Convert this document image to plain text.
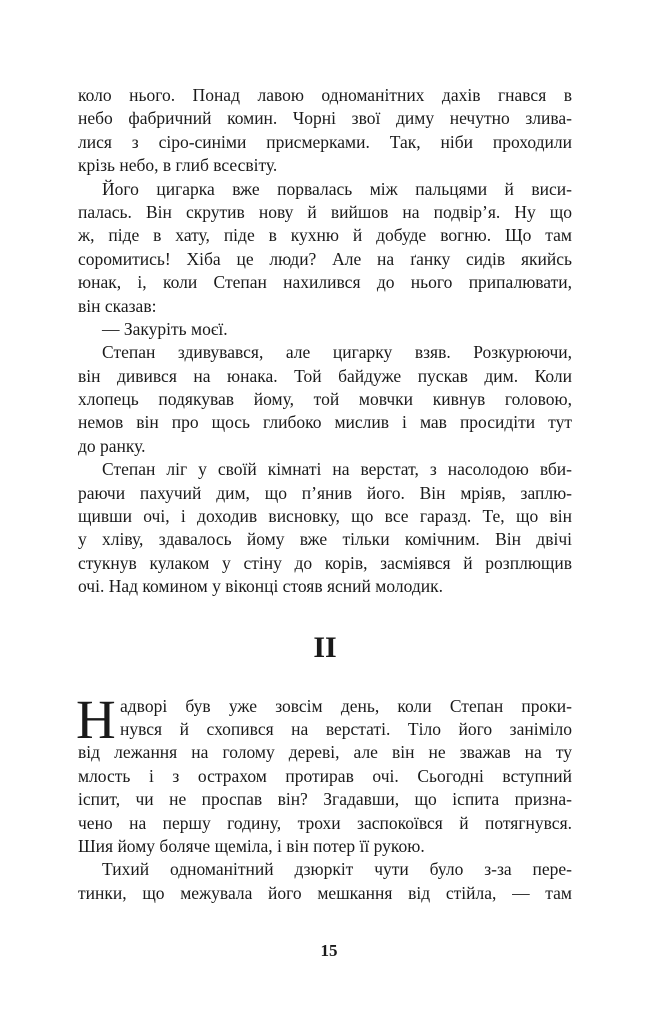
коло нього. Понад лавою одноманітних дахів гнався в
небо фабричний комин. Чорні звої диму нечутно злива-
лися з сіро-синіми присмерками. Так, ніби проходили
крізь небо, в глиб всесвіту.
Його цигарка вже порвалась між пальцями й виси-
палась. Він скрутив нову й вийшов на подвір’я. Ну що
ж, піде в хату, піде в кухню й добуде вогню. Що там
соромитись! Хіба це люди? Але на ґанку сидів якийсь
юнак, і, коли Степан нахилився до нього припалювати,
він сказав:
— Закуріть моєї.
Степан здивувався, але цигарку взяв. Розкурюючи,
він дивився на юнака. Той байдуже пускав дим. Коли
хлопець подякував йому, той мовчки кивнув головою,
немов він про щось глибоко мислив і мав просидіти тут
до ранку.
Степан ліг у своїй кімнаті на верстат, з насолодою вби-
раючи пахучий дим, що п’янив його. Він мріяв, заплю-
щивши очі, і доходив висновку, що все гаразд. Те, що він
у хліву, здавалось йому вже тільки комічним. Він двічі
стукнув кулаком у стіну до корів, засміявся й розплющив
очі. Над комином у віконці стояв ясний молодик.
II
Н адворі був уже зовсім день, коли Степан проки-
нувся й схопився на верстаті. Тіло його заніміло
від лежання на голому дереві, але він не зважав на ту
млость і з острахом протирав очі. Сьогодні вступний
іспит, чи не проспав він? Згадавши, що іспита призна-
чено на першу годину, трохи заспокоївся й потягнувся.
Шия йому боляче щеміла, і він потер її рукою.
Тихий одноманітний дзюркіт чути було з-за пере-
тинки, що межувала його мешкання від стійла, — там
15
